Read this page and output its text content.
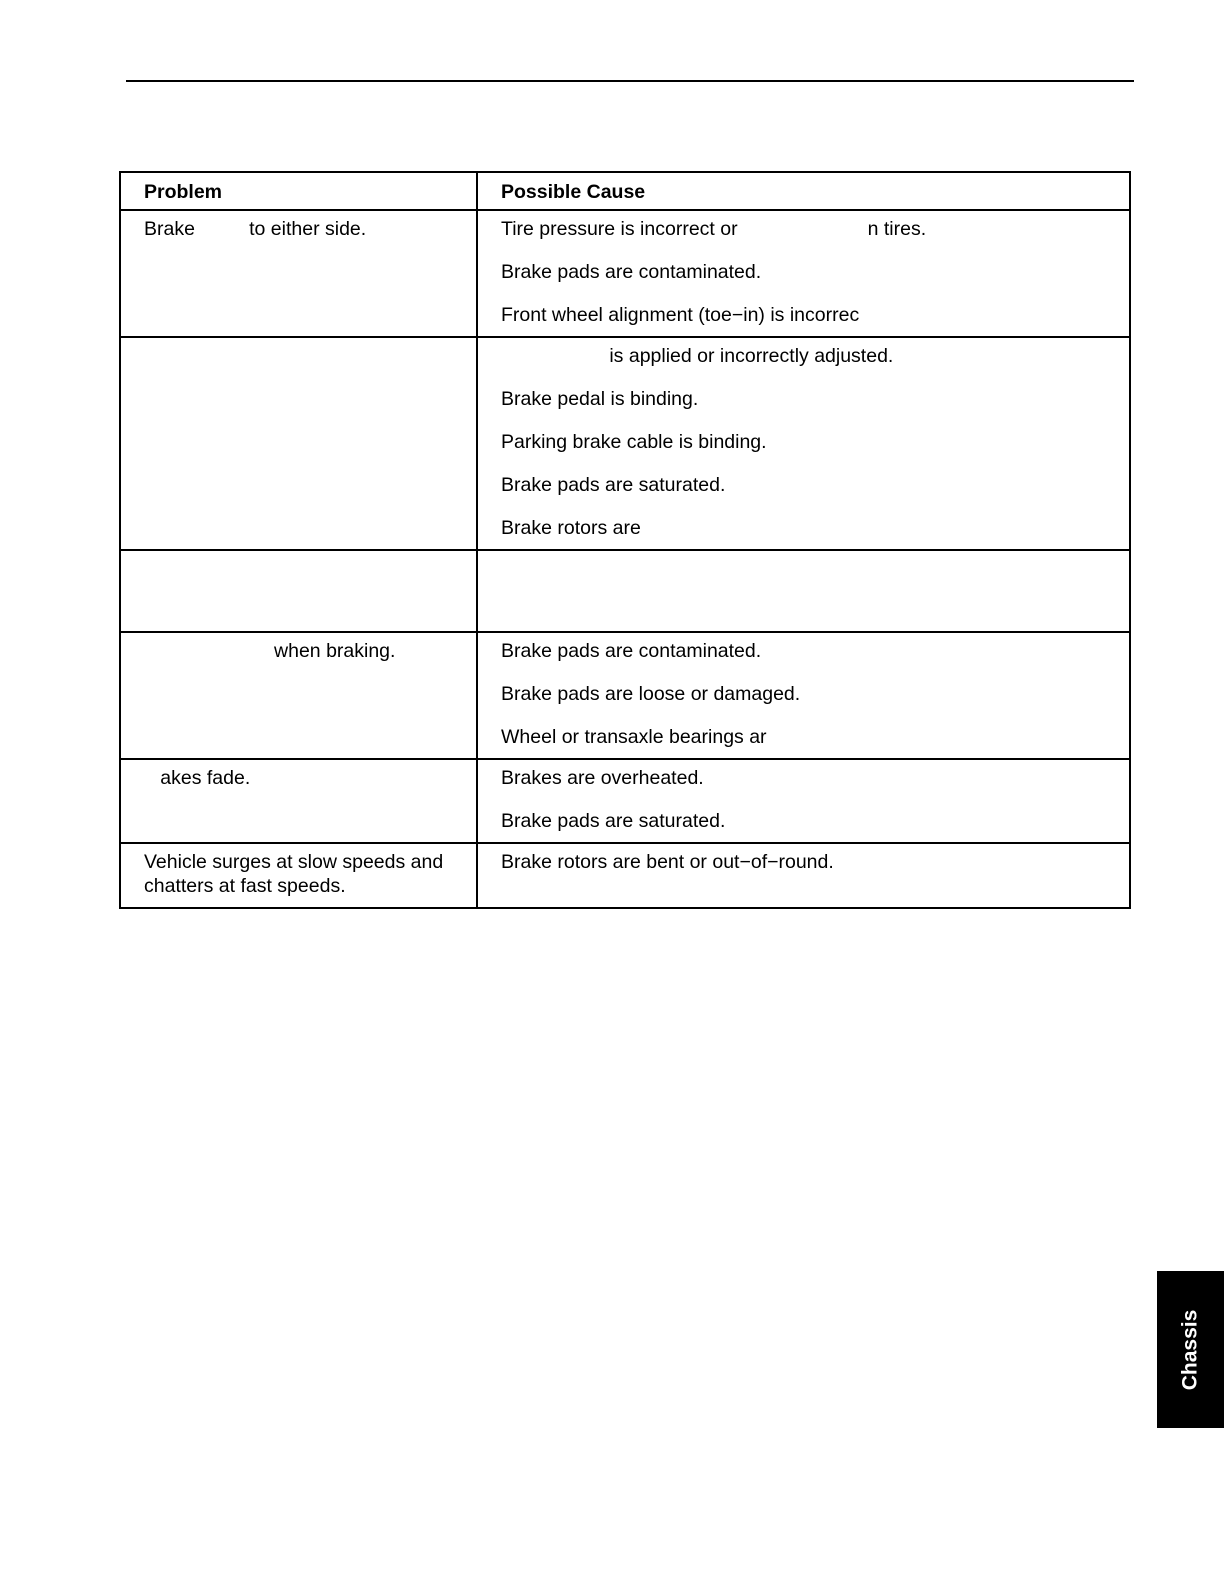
Problem	Possible Cause

Brake          to either side.	Tire pressure is incorrect or                        n tires.
Brake pads are contaminated.
Front wheel alignment (toe−in) is incorrec

	is applied or incorrectly adjusted.
Brake pedal is binding.
Parking brake cable is binding.
Brake pads are saturated.
Brake rotors are

when braking.	Brake pads are contaminated.
Brake pads are loose or damaged.
Wheel or transaxle bearings ar

akes fade.	Brakes are overheated.
Brake pads are saturated.

Vehicle surges at slow speeds and chatters at fast speeds.	Brake rotors are bent or out−of−round.
Chassis
